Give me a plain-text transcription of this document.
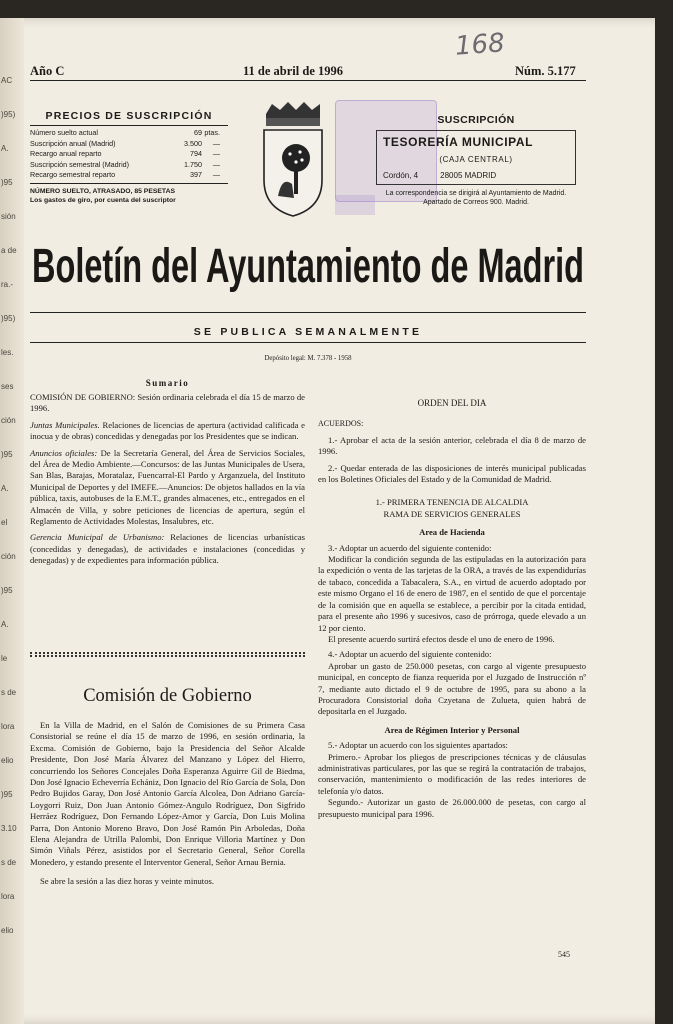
AC
)95)
A.
)95
sión
a de
ra.-
)95)
les.
ses
ción
)95
A.
el
ción
)95
A.
le
s de
lora
elio
)95
3.10
s de
lora
elio
168
Año C	11 de abril de 1996	Núm. 5.177
PRECIOS DE SUSCRIPCIÓN
Número suelto actual	69 ptas.
Suscripción anual (Madrid)	3.500	—
Recargo anual reparto	794	—
Suscripción semestral (Madrid)	1.750	—
Recargo semestral reparto	397	—
NÚMERO SUELTO, ATRASADO, 85 PESETAS
Los gastos de giro, por cuenta del suscriptor
SUSCRIPCIÓN
TESORERÍA MUNICIPAL
(CAJA CENTRAL)
Cordón, 4	28005 MADRID
La correspondencia se dirigirá al Ayuntamiento de Madrid. Apartado de Correos 900. Madrid.
Boletín del Ayuntamiento de Madrid
SE PUBLICA SEMANALMENTE
Depósito legal: M. 7.378 - 1958
Sumario

COMISIÓN DE GOBIERNO: Sesión ordinaria celebrada el día 15 de marzo de 1996.

Juntas Municipales. Relaciones de licencias de apertura (actividad calificada e inocua y de obras) concedidas y denegadas por los Presidentes que se indican.

Anuncios oficiales: De la Secretaría General, del Área de Servicios Sociales, del Área de Medio Ambiente.—Concursos: de las Juntas Municipales de Usera, San Blas, Barajas, Moratalaz, Fuencarral-El Pardo y Arganzuela, del Instituto Municipal de Deportes y del IMEFE.—Anuncios: De objetos hallados en la vía pública, taxis, autobuses de la E.M.T., grandes almacenes, etc., entregados en el Almacén de Villa, y sobre peticiones de licencias de apertura, según el Reglamento de Actividades Molestas, Insalubres, etc.

Gerencia Municipal de Urbanismo: Relaciones de licencias urbanísticas (concedidas y denegadas), de actividades e instalaciones (concedidas y denegadas) y de expedientes para información pública.

Comisión de Gobierno

En la Villa de Madrid, en el Salón de Comisiones de su Primera Casa Consistorial se reúne el día 15 de marzo de 1996, en sesión ordinaria, la Excma. Comisión de Gobierno, bajo la Presidencia del Señor Alcalde Presidente, Don José María Álvarez del Manzano y López del Hierro, concurriendo los Señores Concejales Doña Esperanza Aguirre Gil de Biedma, Don José Ignacio Echeverría Echániz, Don Ignacio del Río García de Sola, Don Pedro Bujidos Garay, Don José Antonio García Alcolea, Don Adriano García-Loygorri Ruiz, Don Juan Antonio Gómez-Angulo Rodríguez, Don Sigfrido Herráez Rodríguez, Don Fernando López-Amor y García, Don Luis Molina Parra, Don Antonio Moreno Bravo, Don José Ramón Pin Arboledas, Doña Elena Alejandra de Utrilla Palombi, Don Enrique Villoria Martínez y Don Simón Viñals Pérez, asistidos por el Secretario General, Señor Corella Monedero, y estando presente el Interventor General, Señor Arnau Bernia.

Se abre la sesión a las diez horas y veinte minutos.

ORDEN DEL DIA

ACUERDOS:

1.- Aprobar el acta de la sesión anterior, celebrada el día 8 de marzo de 1996.

2.- Quedar enterada de las disposiciones de interés municipal publicadas en los Boletines Oficiales del Estado y de la Comunidad de Madrid.

1.- PRIMERA TENENCIA DE ALCALDIA

RAMA DE SERVICIOS GENERALES

Area de Hacienda

3.- Adoptar un acuerdo del siguiente contenido:

Modificar la condición segunda de las estipuladas en la autorización para la expedición o venta de las tarjetas de la ORA, a través de las expendidurías de tabaco, concedida a Tabacalera, S.A., en virtud de acuerdo adoptado por este mismo Organo el 16 de enero de 1987, en el sentido de que el porcentaje de la comisión que en aquella se establece, a percibir por la citada entidad, para el presente año 1996 y sucesivos, caso de prórroga, quede elevado a un 12 por ciento.

El presente acuerdo surtirá efectos desde el uno de enero de 1996.

4.- Adoptar un acuerdo del siguiente contenido:

Aprobar un gasto de 250.000 pesetas, con cargo al vigente presupuesto municipal, en concepto de fianza requerida por el Juzgado de Instrucción nº 7, mediante auto dictado el 9 de octubre de 1995, para su abono a la Procuradora Consistorial doña Czyetana de Zulueta, quien habrá de depositarla en el Juzgado.

Area de Régimen Interior y Personal

5.- Adoptar un acuerdo con los siguientes apartados:

Primero.- Aprobar los pliegos de prescripciones técnicas y de cláusulas administrativas particulares, por las que se regirá la contratación de trabajos, conservación, mantenimiento o modificación de las redes interiores de telefonía y/o datos.

Segundo.- Autorizar un gasto de 26.000.000 de pesetas, con cargo al presupuesto municipal para 1996.

545
